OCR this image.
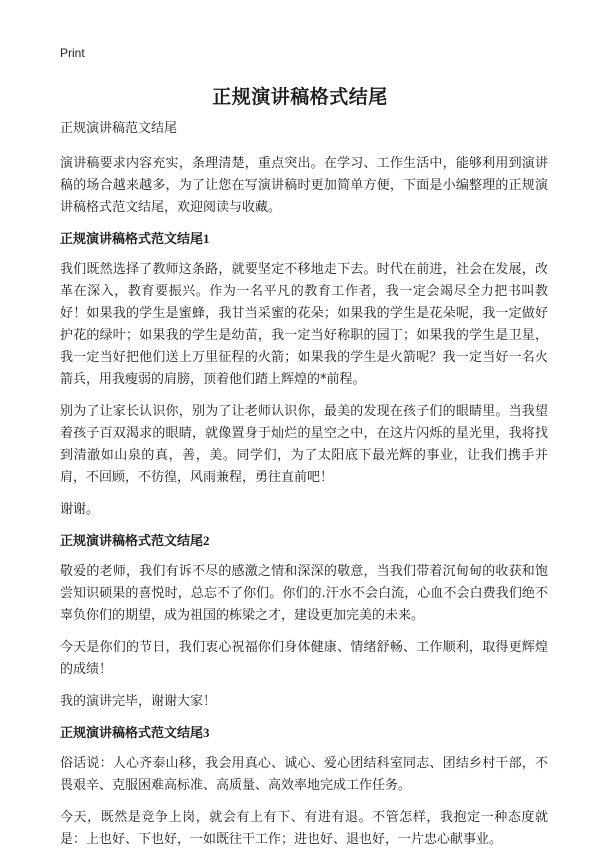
Print
正规演讲稿格式结尾
正规演讲稿范文结尾

演讲稿要求内容充实，条理清楚，重点突出。在学习、工作生活中，能够利用到演讲稿的场合越来越多，为了让您在写演讲稿时更加简单方便，下面是小编整理的正规演讲稿格式范文结尾，欢迎阅读与收藏。

正规演讲稿格式范文结尾1

我们既然选择了教师这条路，就要坚定不移地走下去。时代在前进，社会在发展，改革在深入，教育要振兴。作为一名平凡的教育工作者，我一定会竭尽全力把书叫教好！如果我的学生是蜜蜂，我甘当采蜜的花朵；如果我的学生是花朵呢，我一定做好护花的绿叶；如果我的学生是幼苗，我一定当好称职的园丁；如果我的学生是卫星，我一定当好把他们送上万里征程的火箭；如果我的学生是火箭呢？我一定当好一名火箭兵，用我瘦弱的肩膀，顶着他们踏上辉煌的*前程。

别为了让家长认识你，别为了让老师认识你，最美的发现在孩子们的眼睛里。当我望着孩子百双渴求的眼睛，就像置身于灿烂的星空之中，在这片闪烁的星光里，我将找到清澈如山泉的真，善，美。同学们，为了太阳底下最光辉的事业，让我们携手并肩，不回顾，不彷徨，风雨兼程，勇往直前吧！

谢谢。

正规演讲稿格式范文结尾2

敬爱的老师，我们有诉不尽的感激之情和深深的敬意，当我们带着沉甸甸的收获和饱尝知识硕果的喜悦时，总忘不了你们。你们的.汗水不会白流，心血不会白费我们绝不辜负你们的期望，成为祖国的栋梁之才，建设更加完美的未来。

今天是你们的节日，我们衷心祝福你们身体健康、情绪舒畅、工作顺利，取得更辉煌的成绩！

我的演讲完毕，谢谢大家！

正规演讲稿格式范文结尾3

俗话说：人心齐泰山移，我会用真心、诚心、爱心团结科室同志、团结乡村干部，不畏艰辛、克服困难高标准、高质量、高效率地完成工作任务。

今天，既然是竞争上岗，就会有上有下、有进有退。不管怎样，我抱定一种态度就是：上也好、下也好，一如既往干工作；进也好、退也好，一片忠心献事业。
